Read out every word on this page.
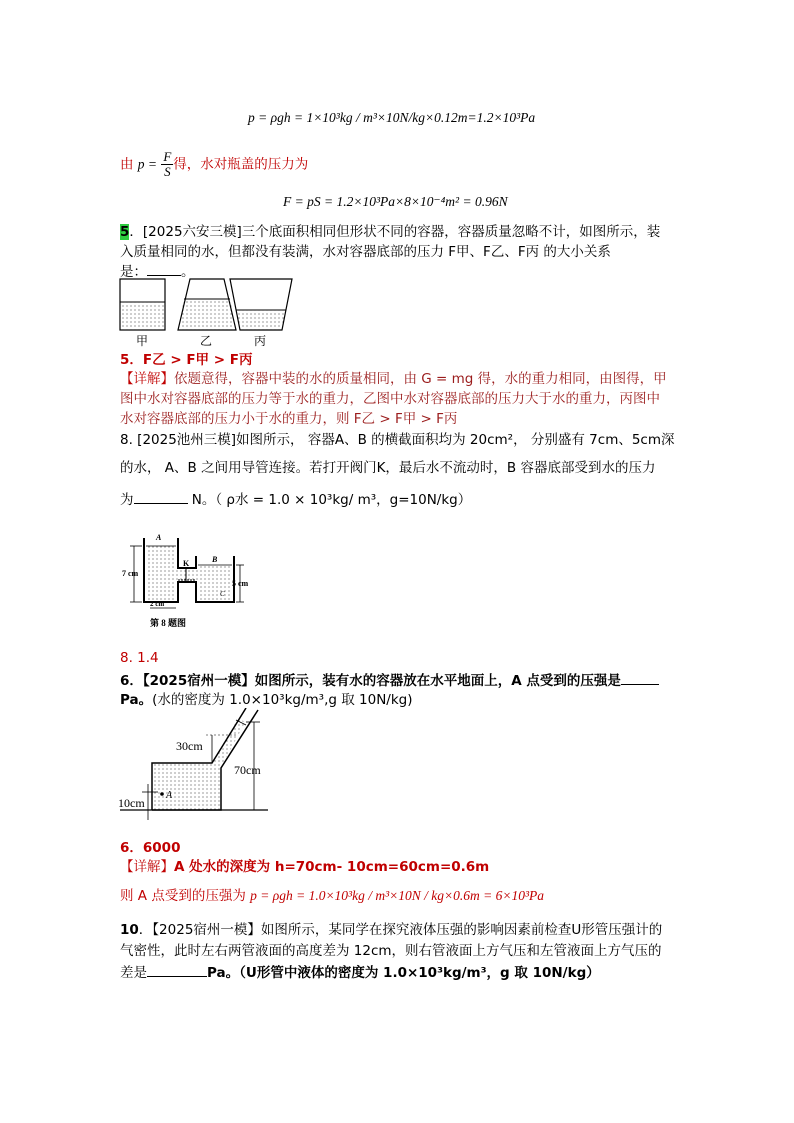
p = ρgh = 1×10³kg / m³×10N/kg×0.12m=1.2×10³Pa
由 $p = \frac{F}{S}$ 得，水对瓶盖的压力为
F = pS = 1.2×10³Pa×8×10⁻⁴m² = 0.96N
5．[2025六安三模]三个底面积相同但形状不同的容器，容器质量忽略不计，如图所示，装
入质量相同的水，但都没有装满，水对容器底部的压力 F甲、F乙、F丙 的大小关系
是：	。
甲	乙	丙
5．F乙 > F甲 > F丙
【详解】依题意得，容器中装的水的质量相同，由 G = mg 得，水的重力相同，由图得，甲
图中水对容器底部的压力等于水的重力，乙图中水对容器底部的压力大于水的重力，丙图中
水对容器底部的压力小于水的重力，则 F乙 > F甲 > F丙
8. [2025池州三模]如图所示， 容器A、B 的横截面积均为 20cm²， 分别盛有 7cm、5cm深
的水， A、B 之间用导管连接。若打开阀门K，最后水不流动时，B 容器底部受到水的压力
为	N。（ ρ水 = 1.0 × 10³kg/ m³，g=10N/kg）
7 cm
5 cm
2 cm
A
B
K
C
第 8 题图
8. 1.4
6．【2025宿州一模】如图所示，装有水的容器放在水平地面上，A 点受到的压强是
Pa。(水的密度为 1.0×10³kg/m³,g 取 10N/kg)
30cm
70cm
10cm
A
6．6000
【详解】A 处水的深度为 h=70cm- 10cm=60cm=0.6m
则 A 点受到的压强为 p = ρgh = 1.0×10³kg / m³×10N / kg×0.6m = 6×10³Pa
10．【2025宿州一模】如图所示，某同学在探究液体压强的影响因素前检查U形管压强计的
气密性，此时左右两管液面的高度差为 12cm，则右管液面上方气压和左管液面上方气压的
差是	Pa。（U形管中液体的密度为 1.0×10³kg/m³，g 取 10N/kg）
